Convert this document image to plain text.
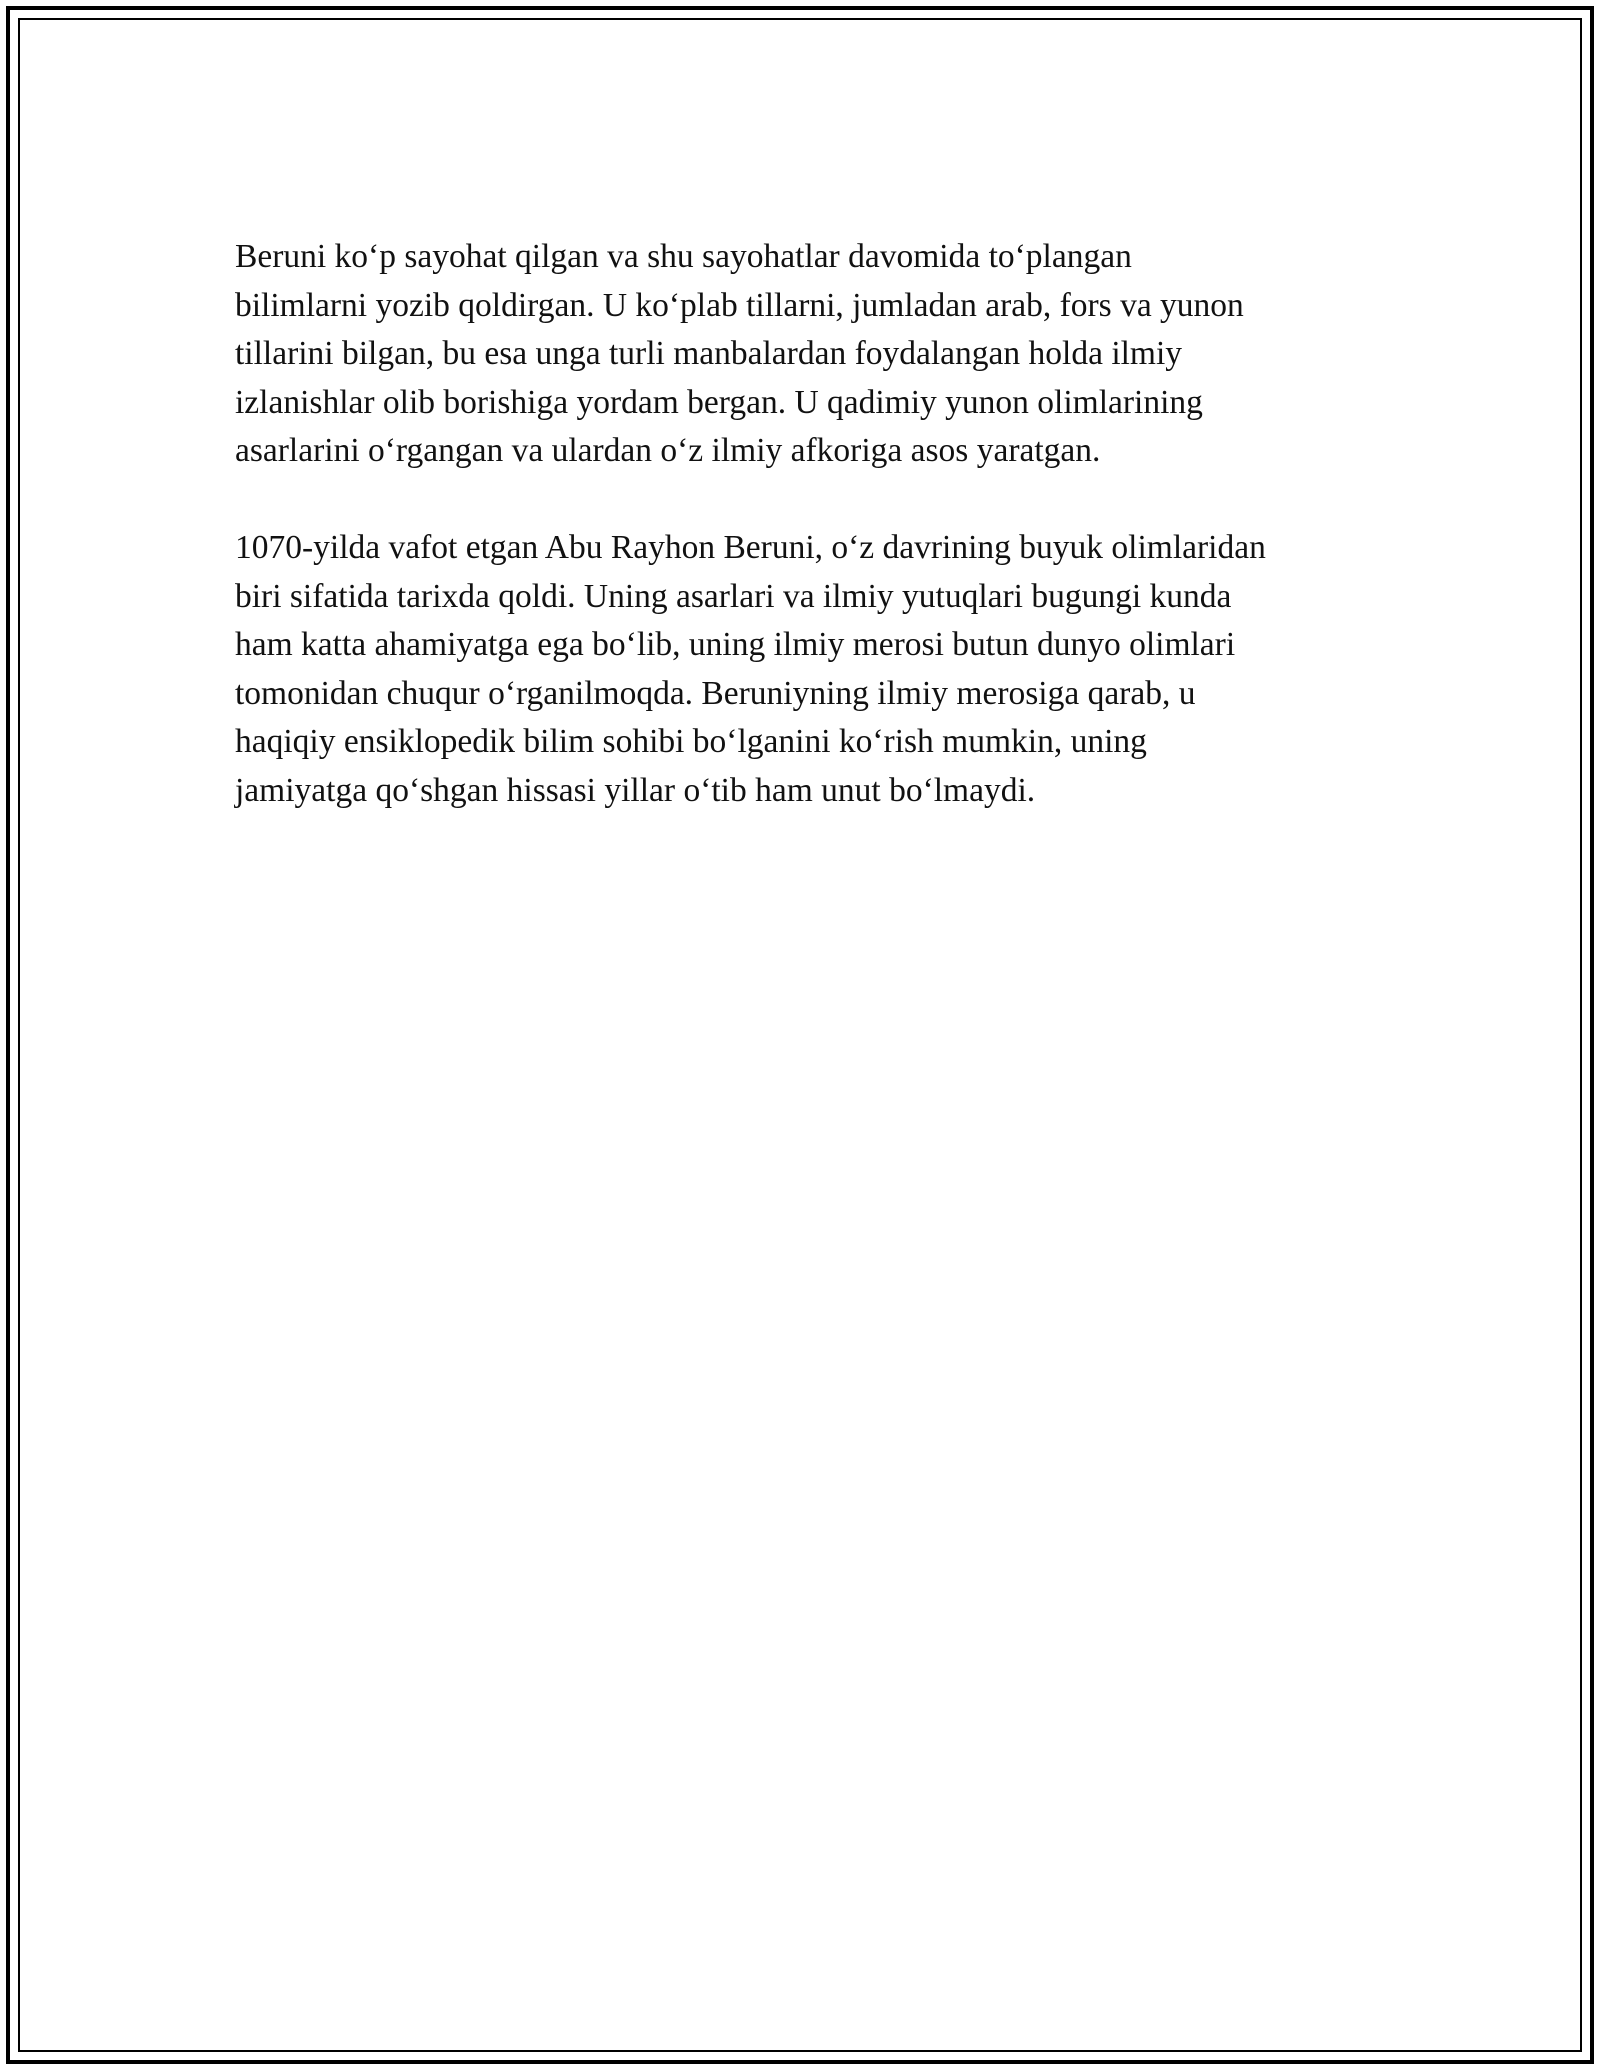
Beruni ko‘p sayohat qilgan va shu sayohatlar davomida to‘plangan
bilimlarni yozib qoldirgan. U ko‘plab tillarni, jumladan arab, fors va yunon
tillarini bilgan, bu esa unga turli manbalardan foydalangan holda ilmiy
izlanishlar olib borishiga yordam bergan. U qadimiy yunon olimlarining
asarlarini o‘rgangan va ulardan o‘z ilmiy afkoriga asos yaratgan.

1070-yilda vafot etgan Abu Rayhon Beruni, o‘z davrining buyuk olimlaridan
biri sifatida tarixda qoldi. Uning asarlari va ilmiy yutuqlari bugungi kunda
ham katta ahamiyatga ega bo‘lib, uning ilmiy merosi butun dunyo olimlari
tomonidan chuqur o‘rganilmoqda. Beruniyning ilmiy merosiga qarab, u
haqiqiy ensiklopedik bilim sohibi bo‘lganini ko‘rish mumkin, uning
jamiyatga qo‘shgan hissasi yillar o‘tib ham unut bo‘lmaydi.
